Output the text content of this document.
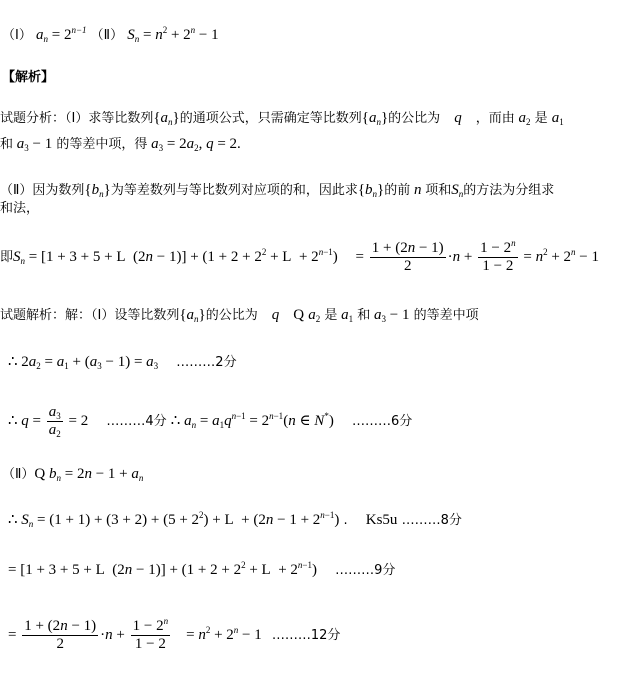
（Ⅰ） $a_n = 2^{n-1}$ （Ⅱ） $S_n = n^2 + 2^n - 1$
【解析】
试题分析：（Ⅰ）求等比数列$\{a_n\}$的通项公式，只需确定等比数列$\{a_n\}$的公比为 q ，而由 $a_2$ 是 $a_1$
和 $a_3 - 1$ 的等差中项，得 $a_3 = 2a_2$, q = 2.
（Ⅱ）因为数列$\{b_n\}$为等差数列与等比数列对应项的和，因此求$\{b_n\}$的前 n 项和$S_n$的方法为分组求
和法，
即$S_n = [1 + 3 + 5 + L$  $(2n - 1)] + (1 + 2 + 2^2 + L + 2^{n-1}) = \frac{1 + (2n - 1)}{2} \cdot n + \frac{1 - 2^n}{1 - 2} = n^2 + 2^n - 1$
试题解析：解：（I）设等比数列$\{a_n\}$的公比为 q Q $a_2$ 是 $a_1$ 和 $a_3 - 1$ 的等差中项
∴ $2a_2 = a_1 + (a_3 - 1) = a_3$ ………2分
∴ $q = \frac{a_3}{a_2} = 2$ ………4分 ∴ $a_n = a_1q^{n-1} = 2^{n-1}(n$ ∈ N*) ………6分
（Ⅱ）Q $b_n = 2n - 1 + a_n$
∴ $S_n = (1 + 1) + (3 + 2) + (5 + 2^2) + L + (2n - 1 + 2^{n-1})$ . Ks5u ………8分
= [1 + 3 + 5 + L  $(2n - 1)] + (1 + 2 + 2^2 + L + 2^{n-1})$ ………9分
= $\frac{1 + (2n - 1)}{2} \cdot n + \frac{1 - 2^n}{1 - 2} = n^2 + 2^n - 1$ ………12分
